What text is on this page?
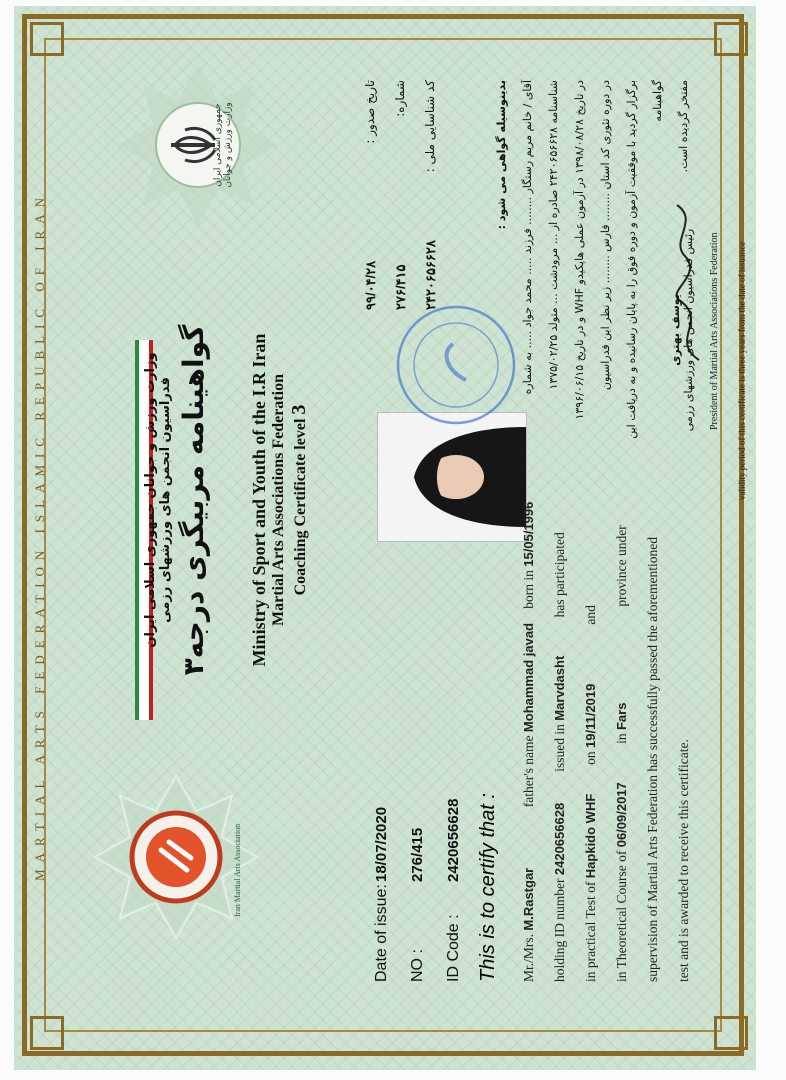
MARTIAL ARTS FEDERATION ISLAMIC REPUBLIC OF IRAN	Iran Martial Arts Association
جمهوری اسلامی ایران وزارت ورزش و جوانان
وزارت ورزش و جوانان جمهوری اسلامی ایران فدراسیون انجمن های ورزشهای رزمی
گواهینامه مربیگری درجه۳ Ministry of Sport and Youth of the I.R Iran Martial Arts Associations Federation Coaching Certificate level 3
تاریخ صدور :
۹۹/۰۴/۲۸
شماره:
۲۷۶/۴۱۵
کد شناسایی ملی :
۲۴۲۰۶۵۶۶۲۸
بدینوسیله گواهی می شود :	آقای / خانم مریم رستگار ........ فرزند ..... محمد جواد ..... به شماره	شناسنامه ۲۴۲۰۶۵۶۶۲۸ صادره از ... مرودشت ... متولد ۱۳۷۵/۰۲/۲۵
در تاریخ ۱۳۹۸/۰۸/۲۸ در آزمون عملی هاپکیدو WHF و در تاریخ ۱۳۹۶/۰۶/۱۵	در دوره تئوری کد استان ........ فارس ........ زیر نظر این فدراسیون	برگزار گردید با موفقیت آزمون و دوره فوق را به پایان رسانیده و به دریافت این گواهینامه	مفتخر گردیده است.
Date of issue:
18/07/2020
NO :
276/415
ID Code :
2420656628 This is to certify that :	Mr./Mrs. M.Rastgar father's name Mohammad javad born in 15/05/1996
holding ID number 2420656628 issued in Marvdasht has participated
in practical Test of Hapkido WHF on 19/11/2019 and
in Theoretical Course of 06/09/2017 in Fars province under	supervision of Martial Arts Federation has successfully passed the aforementioned	test and is awarded to receive this certificate.
یوسف بهتری رئیس فدراسیون انجمن های ورزشهای رزمی President of Martial Arts Associations Federation validity period of this certificate is three years from the date of issuance
